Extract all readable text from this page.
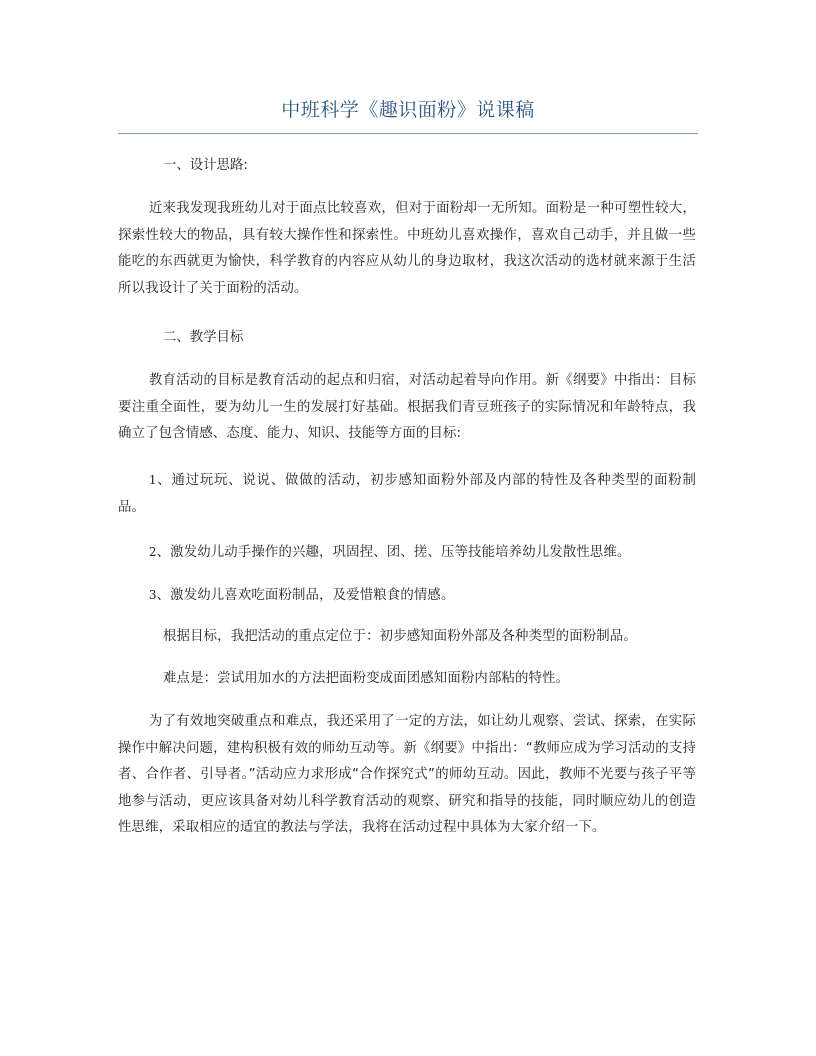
中班科学《趣识面粉》说课稿
一、设计思路:
近来我发现我班幼儿对于面点比较喜欢，但对于面粉却一无所知。面粉是一种可塑性较大，探索性较大的物品，具有较大操作性和探索性。中班幼儿喜欢操作，喜欢自己动手，并且做一些能吃的东西就更为愉快，科学教育的内容应从幼儿的身边取材，我这次活动的选材就来源于生活所以我设计了关于面粉的活动。
二、教学目标
教育活动的目标是教育活动的起点和归宿，对活动起着导向作用。新《纲要》中指出：目标要注重全面性，要为幼儿一生的发展打好基础。根据我们青豆班孩子的实际情况和年龄特点，我确立了包含情感、态度、能力、知识、技能等方面的目标:
1、通过玩玩、说说、做做的活动，初步感知面粉外部及内部的特性及各种类型的面粉制品。
2、激发幼儿动手操作的兴趣，巩固捏、团、搓、压等技能培养幼儿发散性思维。
3、激发幼儿喜欢吃面粉制品，及爱惜粮食的情感。
根据目标，我把活动的重点定位于：初步感知面粉外部及各种类型的面粉制品。
难点是：尝试用加水的方法把面粉变成面团感知面粉内部粘的特性。
为了有效地突破重点和难点，我还采用了一定的方法，如让幼儿观察、尝试、探索，在实际操作中解决问题，建构积极有效的师幼互动等。新《纲要》中指出：“教师应成为学习活动的支持者、合作者、引导者。”活动应力求形成“合作探究式”的师幼互动。因此，教师不光要与孩子平等地参与活动，更应该具备对幼儿科学教育活动的观察、研究和指导的技能，同时顺应幼儿的创造性思维，采取相应的适宜的教法与学法，我将在活动过程中具体为大家介绍一下。
